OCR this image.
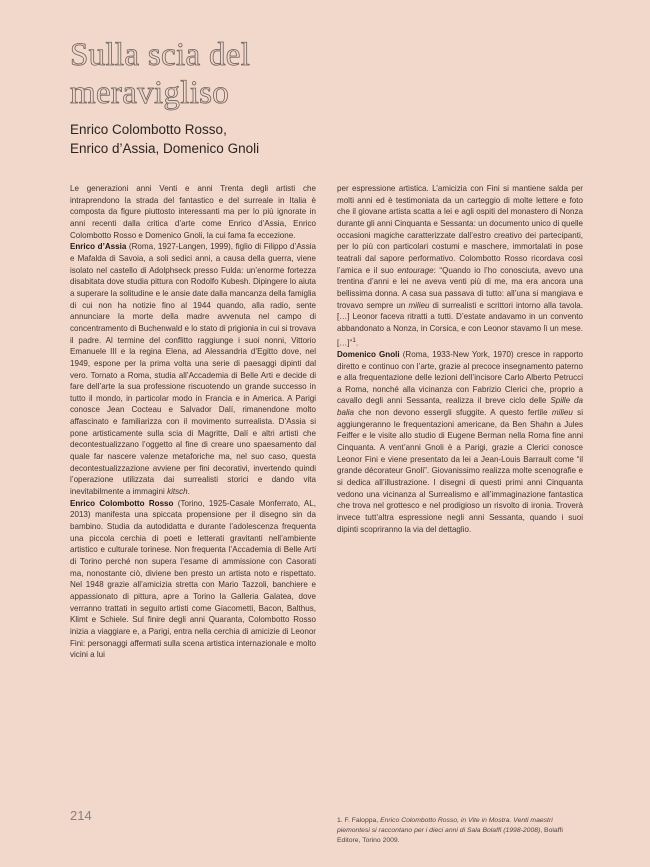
Sulla scia del
meravigliso
Enrico Colombotto Rosso,
Enrico d’Assia, Domenico Gnoli

Le generazioni anni Venti e anni Trenta degli artisti che intraprendono la strada del fantastico e del surreale in Italia è composta da figure piuttosto interessanti ma per lo più ignorate in anni recenti dalla critica d’arte come Enrico d’Assia, Enrico Colombotto Rosso e Domenico Gnoli, la cui fama fa eccezione.

Enrico d’Assia (Roma, 1927-Langen, 1999), figlio di Filippo d’Assia e Mafalda di Savoia, a soli sedici anni, a causa della guerra, viene isolato nel castello di Adolphseck presso Fulda: un’enorme fortezza disabitata dove studia pittura con Rodolfo Kubesh. Dipingere lo aiuta a superare la solitudine e le ansie date dalla mancanza della famiglia di cui non ha notizie fino al 1944 quando, alla radio, sente annunciare la morte della madre avvenuta nel campo di concentramento di Buchenwald e lo stato di prigionia in cui si trovava il padre. Al termine del conflitto raggiunge i suoi nonni, Vittorio Emanuele III e la regina Elena, ad Alessandria d’Egitto dove, nel 1949, espone per la prima volta una serie di paesaggi dipinti dal vero. Tornato a Roma, studia all’Accademia di Belle Arti e decide di fare dell’arte la sua professione riscuotendo un grande successo in tutto il mondo, in particolar modo in Francia e in America. A Parigi conosce Jean Cocteau e Salvador Dalí, rimanendone molto affascinato e familiarizza con il movimento surrealista. D’Assia si pone artisticamente sulla scia di Magritte, Dalí e altri artisti che decontestualizzano l’oggetto al fine di creare uno spaesamento dal quale far nascere valenze metaforiche ma, nel suo caso, questa decontestualizzazione avviene per fini decorativi, invertendo quindi l’operazione utilizzata dai surrealisti storici e dando vita inevitabilmente a immagini kitsch.

Enrico Colombotto Rosso (Torino, 1925-Casale Monferrato, AL, 2013) manifesta una spiccata propensione per il disegno sin da bambino. Studia da autodidatta e durante l’adolescenza frequenta una piccola cerchia di poeti e letterati gravitanti nell’ambiente artistico e culturale torinese. Non frequenta l’Accademia di Belle Arti di Torino perché non supera l’esame di ammissione con Casorati ma, nonostante ciò, diviene ben presto un artista noto e rispettato. Nel 1948 grazie all’amicizia stretta con Mario Tazzoli, banchiere e appassionato di pittura, apre a Torino la Galleria Galatea, dove verranno trattati in seguito artisti come Giacometti, Bacon, Balthus, Klimt e Schiele. Sul finire degli anni Quaranta, Colombotto Rosso inizia a viaggiare e, a Parigi, entra nella cerchia di amicizie di Leonor Fini: personaggi affermati sulla scena artistica internazionale e molto vicini a lui

per espressione artistica. L’amicizia con Fini si mantiene salda per molti anni ed è testimoniata da un carteggio di molte lettere e foto che il giovane artista scatta a lei e agli ospiti del monastero di Nonza durante gli anni Cinquanta e Sessanta: un documento unico di quelle occasioni magiche caratterizzate dall’estro creativo dei partecipanti, per lo più con particolari costumi e maschere, immortalati in pose teatrali dal sapore performativo. Colombotto Rosso ricordava così l’amica e il suo entourage: “Quando io l’ho conosciuta, avevo una trentina d’anni e lei ne aveva venti più di me, ma era ancora una bellissima donna. A casa sua passava di tutto: all’una si mangiava e trovavo sempre un milieu di surrealisti e scrittori intorno alla tavola. […] Leonor faceva ritratti a tutti. D’estate andavamo in un convento abbandonato a Nonza, in Corsica, e con Leonor stavamo lì un mese. […]”$^1$.

Domenico Gnoli (Roma, 1933-New York, 1970) cresce in rapporto diretto e continuo con l’arte, grazie al precoce insegnamento paterno e alla frequentazione delle lezioni dell’incisore Carlo Alberto Petrucci a Roma, nonché alla vicinanza con Fabrizio Clerici che, proprio a cavallo degli anni Sessanta, realizza il breve ciclo delle Spille da balia che non devono essergli sfuggite. A questo fertile milieu si aggiungeranno le frequentazioni americane, da Ben Shahn a Jules Feiffer e le visite allo studio di Eugene Berman nella Roma fine anni Cinquanta. A vent’anni Gnoli è a Parigi, grazie a Clerici conosce Leonor Fini e viene presentato da lei a Jean-Louis Barrault come “il grande décorateur Gnoli”. Giovanissimo realizza molte scenografie e si dedica all’illustrazione. I disegni di questi primi anni Cinquanta vedono una vicinanza al Surrealismo e all’immaginazione fantastica che trova nel grottesco e nel prodigioso un risvolto di ironia. Troverà invece tutt’altra espressione negli anni Sessanta, quando i suoi dipinti scopriranno la via del dettaglio.

1. F. Faloppa, Enrico Colombotto Rosso, in Vite in Mostra. Venti maestri piemontesi si raccontano per i dieci anni di Sala Bolaffi (1998-2008), Bolaffi Editore, Torino 2009.

214
